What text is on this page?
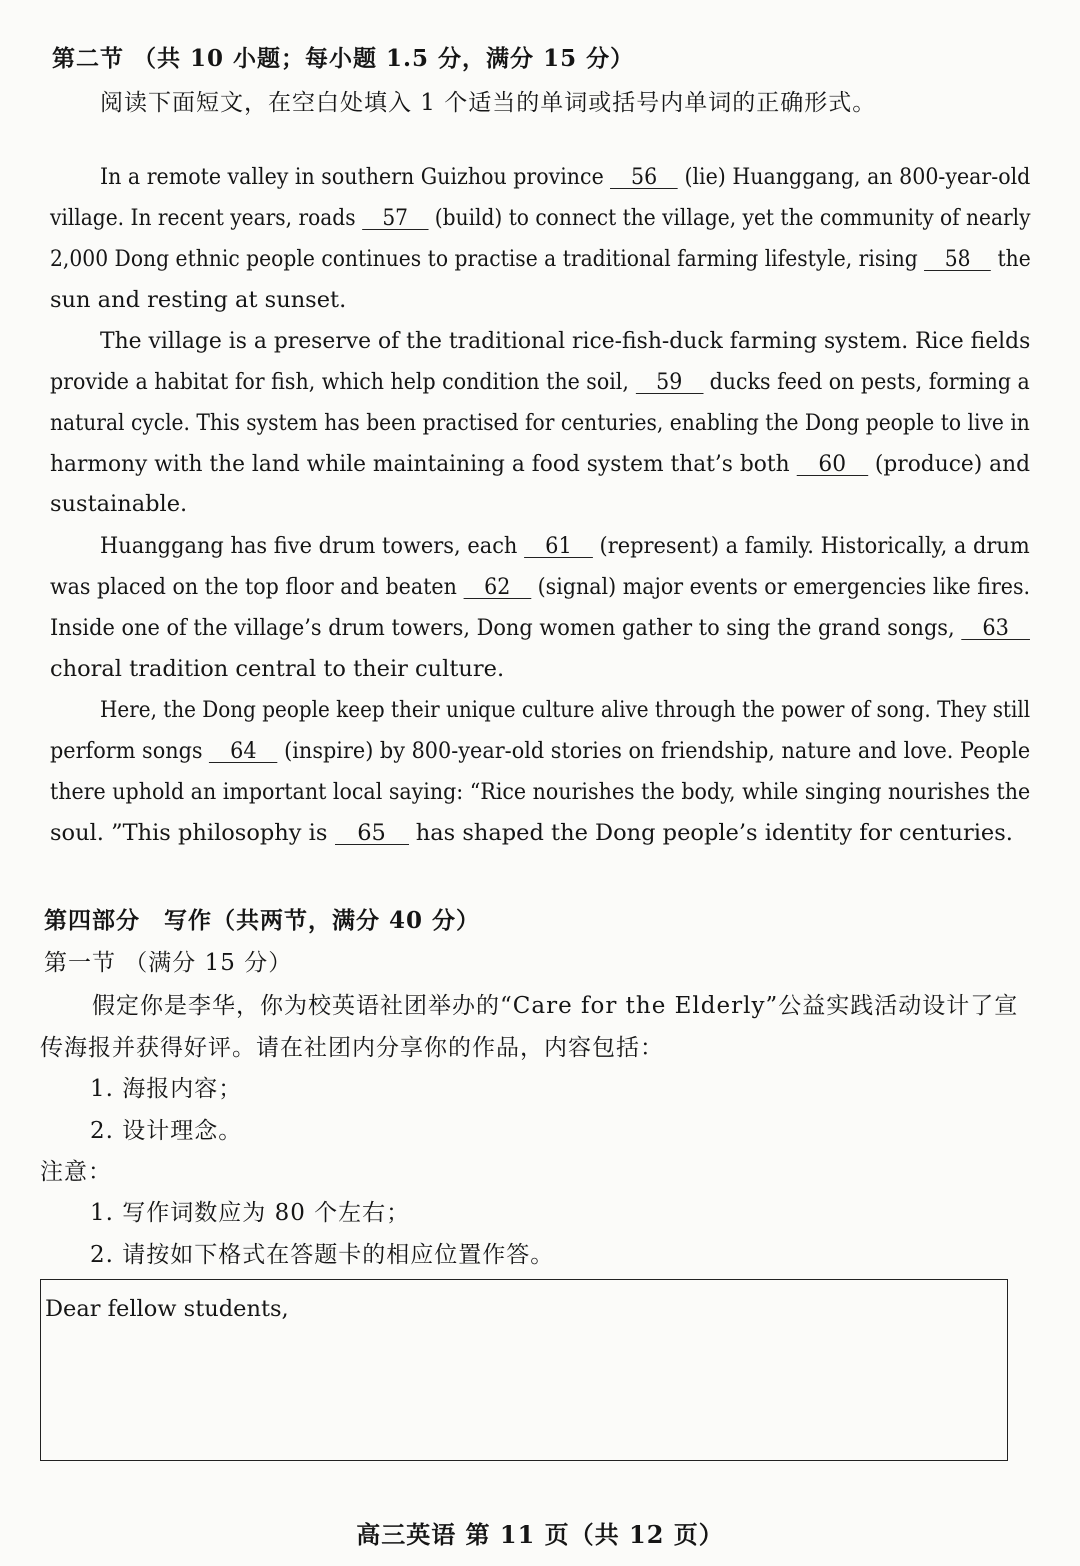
第二节 （共 10 小题；每小题 1.5 分，满分 15 分）
阅读下面短文，在空白处填入 1 个适当的单词或括号内单词的正确形式。
In a remote valley in southern Guizhou province 56 (lie) Huanggang, an 800-year-old
village. In recent years, roads 57 (build) to connect the village, yet the community of nearly
2,000 Dong ethnic people continues to practise a traditional farming lifestyle, rising 58 the
sun and resting at sunset.
The village is a preserve of the traditional rice-fish-duck farming system. Rice fields
provide a habitat for fish, which help condition the soil, 59 ducks feed on pests, forming a
natural cycle. This system has been practised for centuries, enabling the Dong people to live in
harmony with the land while maintaining a food system that’s both 60 (produce) and
sustainable.
Huanggang has five drum towers, each 61 (represent) a family. Historically, a drum
was placed on the top floor and beaten 62 (signal) major events or emergencies like fires.
Inside one of the village’s drum towers, Dong women gather to sing the grand songs, 63
choral tradition central to their culture.
Here, the Dong people keep their unique culture alive through the power of song. They still
perform songs 64 (inspire) by 800-year-old stories on friendship, nature and love. People
there uphold an important local saying: “Rice nourishes the body, while singing nourishes the
soul. ”This philosophy is 65 has shaped the Dong people’s identity for centuries.
第四部分　写作（共两节，满分 40 分）
第一节 （满分 15 分）
假定你是李华，你为校英语社团举办的“Care for the Elderly”公益实践活动设计了宣
传海报并获得好评。请在社团内分享你的作品，内容包括：
1. 海报内容；
2. 设计理念。
注意：
1. 写作词数应为 80 个左右；
2. 请按如下格式在答题卡的相应位置作答。
Dear fellow students,
高三英语 第 11 页（共 12 页）
